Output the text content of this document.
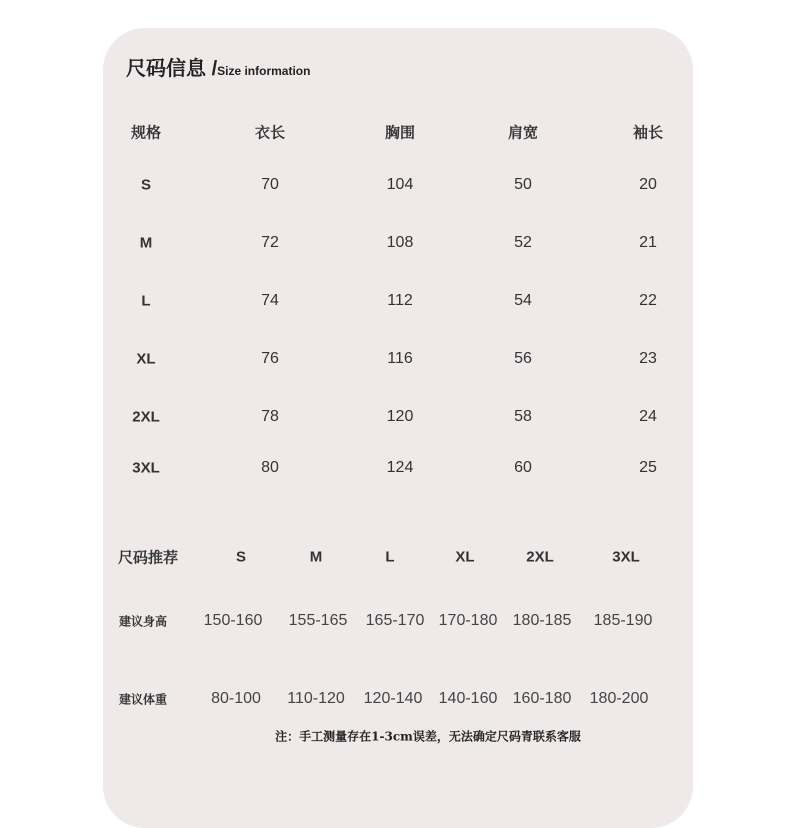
尺码信息 /Size information
规格	衣长	胸围	肩宽	袖长
S	70	104	50	20
M	72	108	52	21
L	74	112	54	22
XL	76	116	56	23
2XL	78	120	58	24
3XL	80	124	60	25
尺码推荐	S	M	L	XL	2XL	3XL
建议身高 150-160 155-165 165-170 170-180 180-185 185-190
建议体重	80-100 110-120 120-140 140-160 160-180 180-200
注：手工测量存在1-3cm误差，无法确定尺码青联系客服
